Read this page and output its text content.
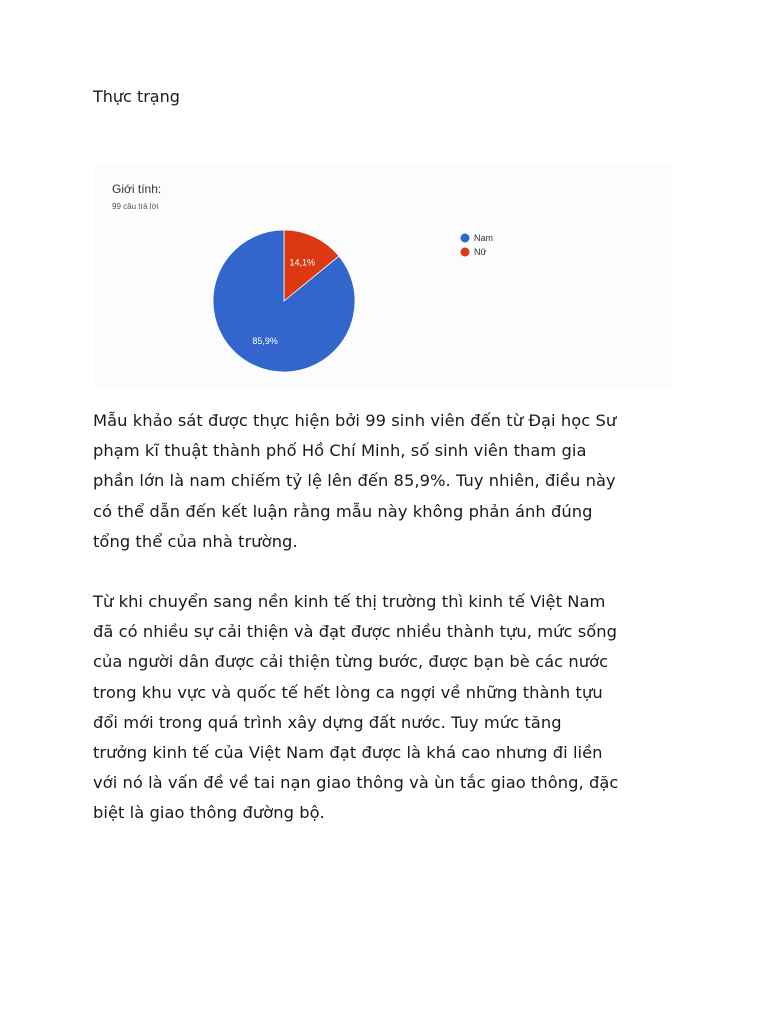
Thực trạng
Giới tính:
99 câu trả lời
14,1%
85,9%
Nam
Nữ
Mẫu khảo sát được thực hiện bởi 99 sinh viên đến từ Đại học Sư
phạm kĩ thuật thành phố Hồ Chí Minh, số sinh viên tham gia
phần lớn là nam chiếm tỷ lệ lên đến 85,9%. Tuy nhiên, điều này
có thể dẫn đến kết luận rằng mẫu này không phản ánh đúng
tổng thể của nhà trường.
Từ khi chuyển sang nền kinh tế thị trường thì kinh tế Việt Nam
đã có nhiều sự cải thiện và đạt được nhiều thành tựu, mức sống
của người dân được cải thiện từng bước, được bạn bè các nước
trong khu vực và quốc tế hết lòng ca ngợi về những thành tựu
đổi mới trong quá trình xây dựng đất nước. Tuy mức tăng
trưởng kinh tế của Việt Nam đạt được là khá cao nhưng đi liền
với nó là vấn đề về tai nạn giao thông và ùn tắc giao thông, đặc
biệt là giao thông đường bộ.
